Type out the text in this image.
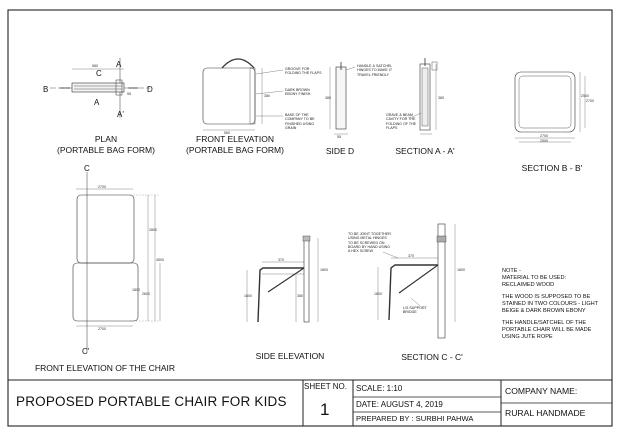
A
A'
B
C
D
A
C
C'
PLAN
(PORTABLE BAG FORM)
FRONT ELEVATION
(PORTABLE BAG FORM)	SIDE D	SECTION A - A'
SECTION B - B'
FRONT ELEVATION OF THE CHAIR
SIDE ELEVATION	SECTION C - C'
GROOVE FOR
FOLDING THE FLAPS
DARK BROWN
EBONY FINISH
BASE OF THE
COMPANY TO BE
FINISHED USING
GRAIN
HANDLE & SATCHEL
HINGES TO MAKE IT
TRAVEL FRIENDLY
GRAVE & BEAM
CAVITY FOR THE
FOLDING OF THE
FLAPS
TO BE JOINT TOGETHER
USING METAL HINGES
TO BE SCREWED ON
BOARD BY HAND USING
A HEX SCREW
L/S SUPPORT
BRIDGE
580
55
560
380	380
55
380
2700
2500
2500
2700
2700
2800
1800
2600
4500
2700
370
1800
1800	380
370
1800
1800

NOTE -

MATERIAL TO BE USED:
RECLAIMED WOOD

THE WOOD IS SUPPOSED TO BE STAINED IN TWO COLOURS - LIGHT BEIGE & DARK BROWN EBONY

THE HANDLE/SATCHEL OF THE PORTABLE CHAIR WILL BE MADE USING JUTE ROPE

PROPOSED PORTABLE CHAIR FOR KIDS
SHEET NO.
1
SCALE: 1:10
DATE: AUGUST 4, 2019
PREPARED BY : SURBHI PAHWA
COMPANY NAME:
RURAL HANDMADE
